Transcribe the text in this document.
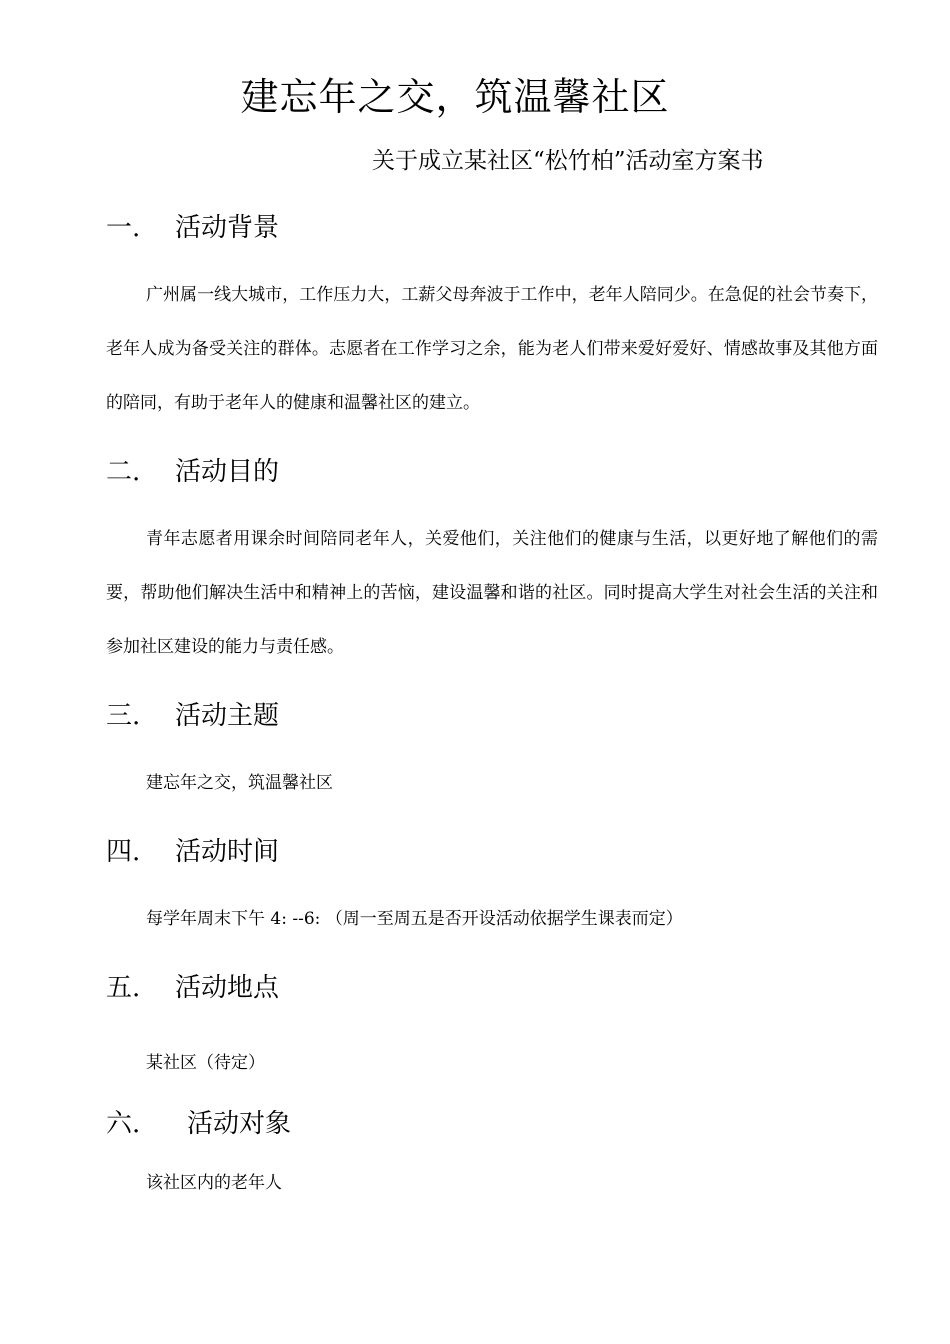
建忘年之交，筑温馨社区
关于成立某社区“松竹柏”活动室方案书
一. 活动背景
广州属一线大城市，工作压力大，工薪父母奔波于工作中，老年人陪同少。在急促的社会节奏下，老年人成为备受关注的群体。志愿者在工作学习之余，能为老人们带来爱好爱好、情感故事及其他方面的陪同，有助于老年人的健康和温馨社区的建立。
二. 活动目的
青年志愿者用课余时间陪同老年人，关爱他们，关注他们的健康与生活，以更好地了解他们的需要，帮助他们解决生活中和精神上的苦恼，建设温馨和谐的社区。同时提高大学生对社会生活的关注和参加社区建设的能力与责任感。
三. 活动主题
建忘年之交，筑温馨社区
四. 活动时间
每学年周末下午 4: --6: （周一至周五是否开设活动依据学生课表而定）
五. 活动地点
某社区（待定）
六. 活动对象
该社区内的老年人
